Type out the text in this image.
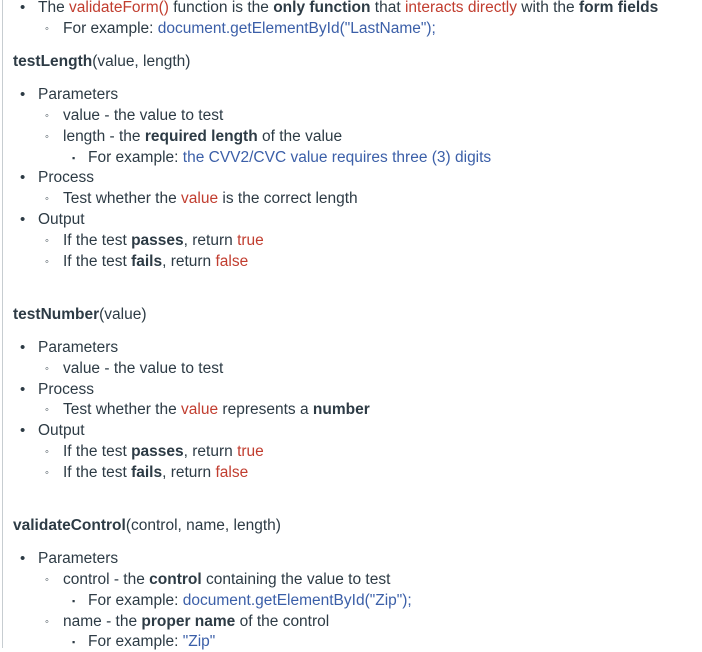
• The validateForm() function is the only function that interacts directly with the form fields
◦ For example: document.getElementById("LastName");
testLength(value, length)
• Parameters
◦ value - the value to test
◦ length - the required length of the value
▪ For example: the CVV2/CVC value requires three (3) digits
• Process
◦ Test whether the value is the correct length
• Output
◦ If the test passes, return true
◦ If the test fails, return false
testNumber(value)
• Parameters
◦ value - the value to test
• Process
◦ Test whether the value represents a number
• Output
◦ If the test passes, return true
◦ If the test fails, return false
validateControl(control, name, length)
• Parameters
◦ control - the control containing the value to test
▪ For example: document.getElementById("Zip");
◦ name - the proper name of the control
▪ For example: "Zip"
